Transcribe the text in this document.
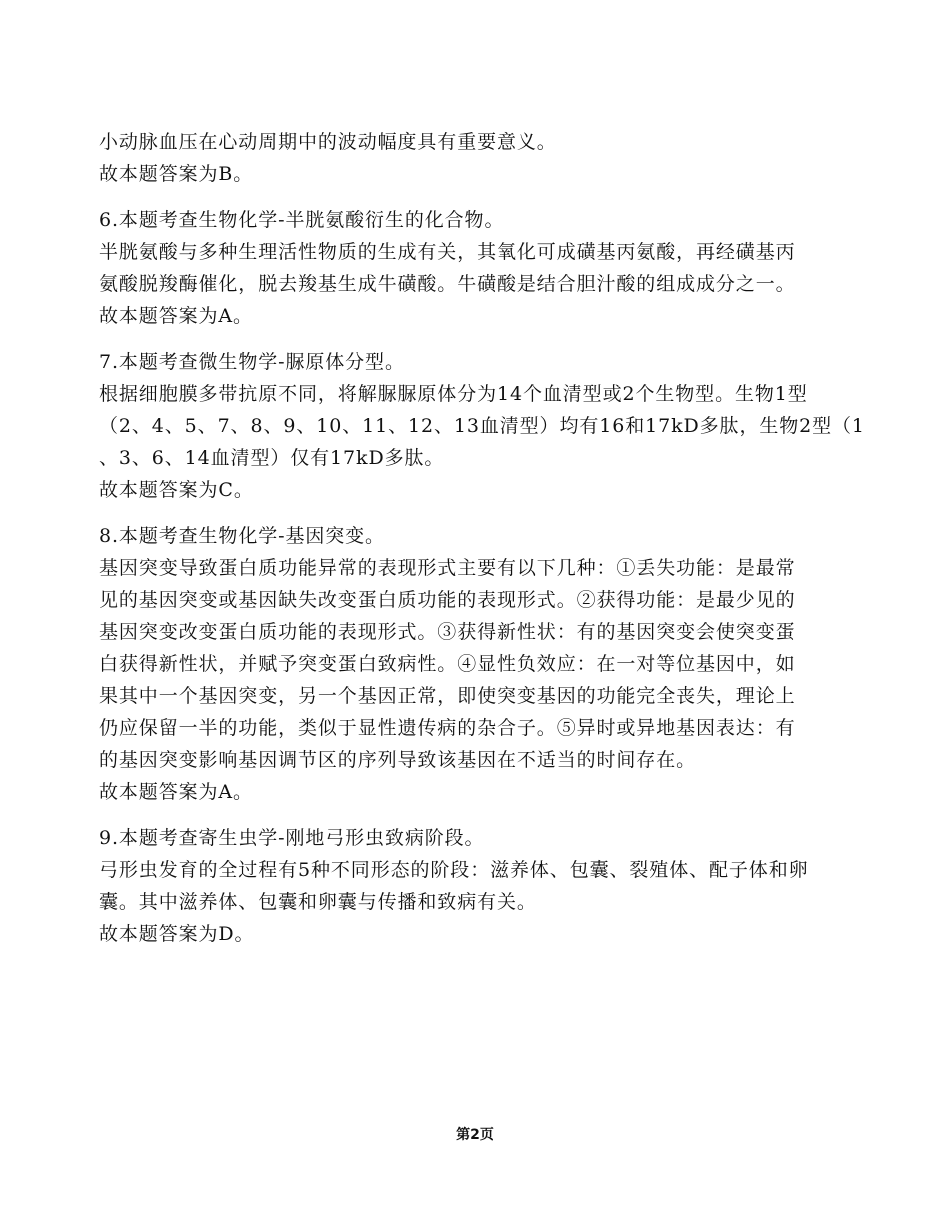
小动脉血压在心动周期中的波动幅度具有重要意义。
故本题答案为B。
6.本题考查生物化学-半胱氨酸衍生的化合物。
半胱氨酸与多种生理活性物质的生成有关，其氧化可成磺基丙氨酸，再经磺基丙
氨酸脱羧酶催化，脱去羧基生成牛磺酸。牛磺酸是结合胆汁酸的组成成分之一。
故本题答案为A。
7.本题考查微生物学-脲原体分型。
根据细胞膜多带抗原不同，将解脲脲原体分为14个血清型或2个生物型。生物1型
（2、4、5、7、8、9、10、11、12、13血清型）均有16和17kD多肽，生物2型（1
、3、6、14血清型）仅有17kD多肽。
故本题答案为C。
8.本题考查生物化学-基因突变。
基因突变导致蛋白质功能异常的表现形式主要有以下几种：①丢失功能：是最常
见的基因突变或基因缺失改变蛋白质功能的表现形式。②获得功能：是最少见的
基因突变改变蛋白质功能的表现形式。③获得新性状：有的基因突变会使突变蛋
白获得新性状，并赋予突变蛋白致病性。④显性负效应：在一对等位基因中，如
果其中一个基因突变，另一个基因正常，即使突变基因的功能完全丧失，理论上
仍应保留一半的功能，类似于显性遗传病的杂合子。⑤异时或异地基因表达：有
的基因突变影响基因调节区的序列导致该基因在不适当的时间存在。
故本题答案为A。
9.本题考查寄生虫学-刚地弓形虫致病阶段。
弓形虫发育的全过程有5种不同形态的阶段：滋养体、包囊、裂殖体、配子体和卵
囊。其中滋养体、包囊和卵囊与传播和致病有关。
故本题答案为D。
第2页
